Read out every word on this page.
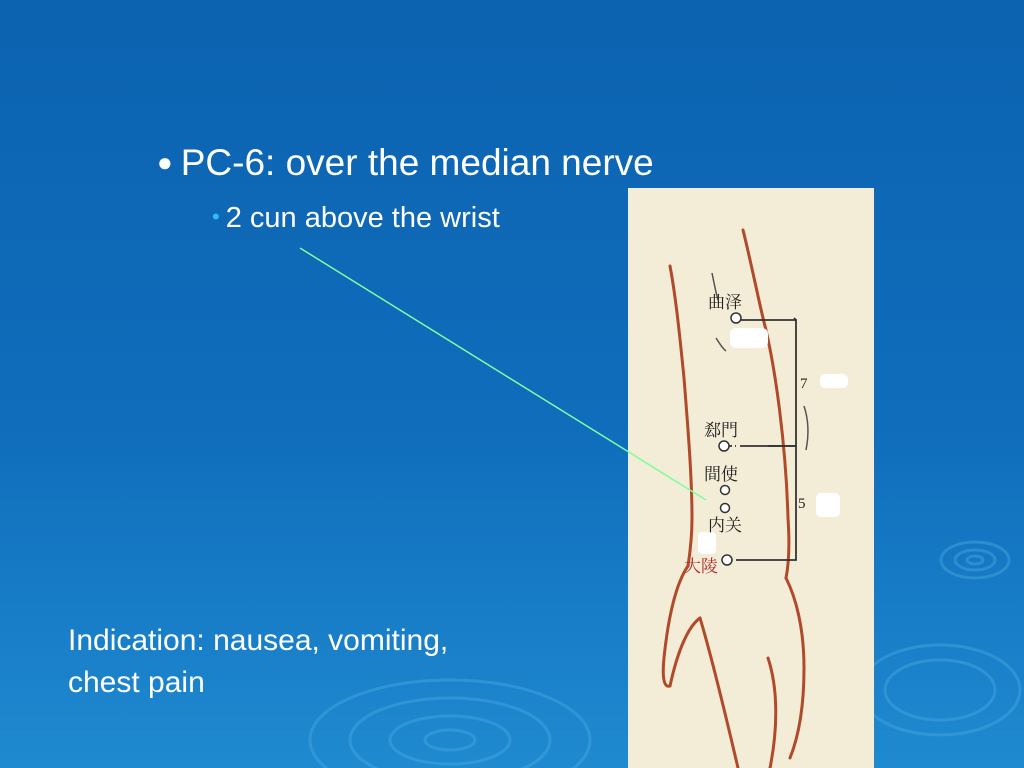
● PC-6: over the median nerve
• 2 cun above the wrist
Indication: nausea, vomiting,
chest pain
曲泽
郄門
間使
内关
大陵
7
5
